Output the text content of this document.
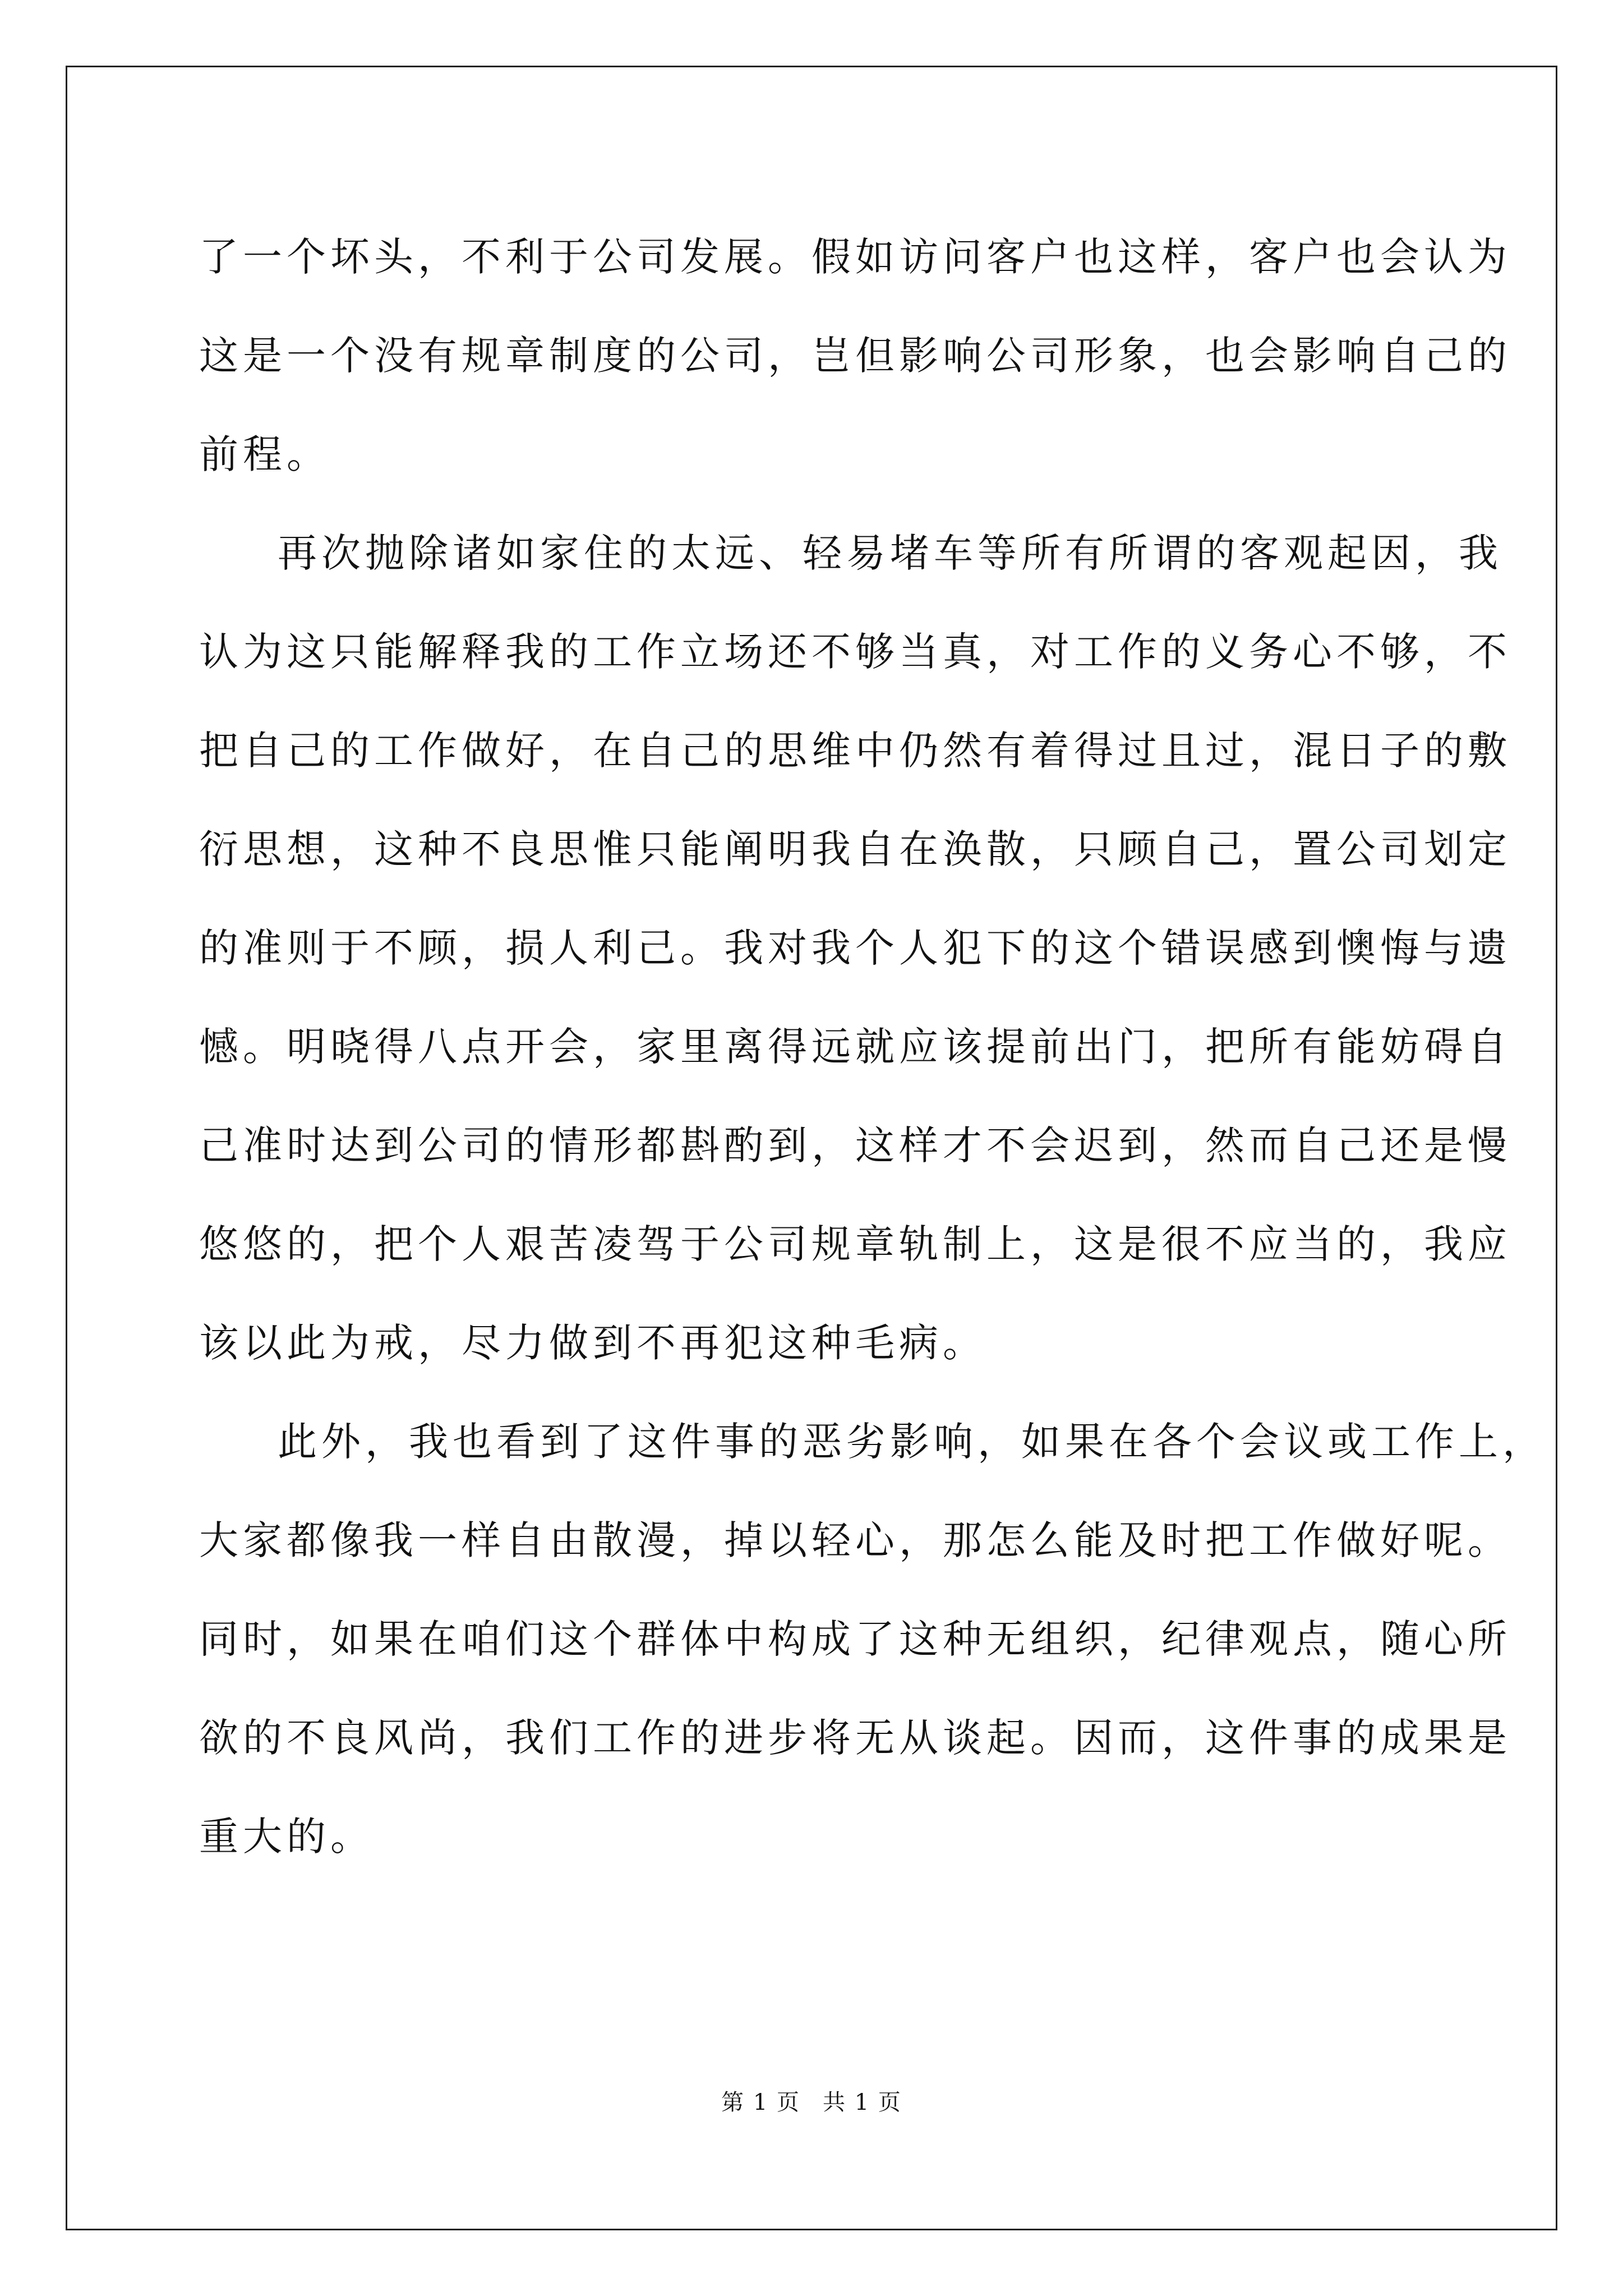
了一个坏头，不利于公司发展。假如访问客户也这样，客户也会认为
这是一个没有规章制度的公司，岂但影响公司形象，也会影响自己的
前程。
再次抛除诸如家住的太远、轻易堵车等所有所谓的客观起因，我
认为这只能解释我的工作立场还不够当真，对工作的义务心不够，不
把自己的工作做好，在自己的思维中仍然有着得过且过，混日子的敷
衍思想，这种不良思惟只能阐明我自在涣散，只顾自己，置公司划定
的准则于不顾，损人利己。我对我个人犯下的这个错误感到懊悔与遗
憾。明晓得八点开会，家里离得远就应该提前出门，把所有能妨碍自
己准时达到公司的情形都斟酌到，这样才不会迟到，然而自己还是慢
悠悠的，把个人艰苦凌驾于公司规章轨制上，这是很不应当的，我应
该以此为戒，尽力做到不再犯这种毛病。
此外，我也看到了这件事的恶劣影响，如果在各个会议或工作上，
大家都像我一样自由散漫，掉以轻心，那怎么能及时把工作做好呢。
同时，如果在咱们这个群体中构成了这种无组织，纪律观点，随心所
欲的不良风尚，我们工作的进步将无从谈起。因而，这件事的成果是
重大的。
第 1 页 共 1 页
